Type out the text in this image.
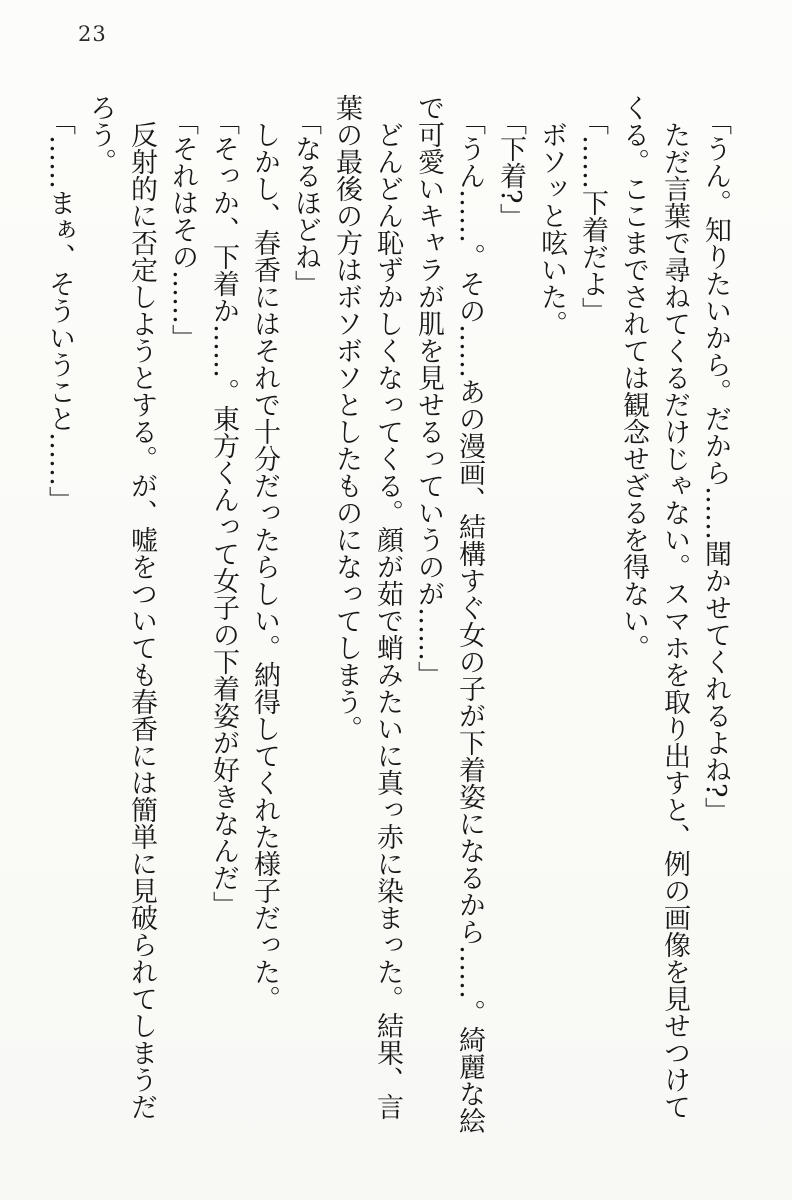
23
「うん。知りたいから。だから……聞かせてくれるよね?」
ただ言葉で尋ねてくるだけじゃない。スマホを取り出すと、例の画像を見せつけて
くる。ここまでされては観念せざるを得ない。
「……下着だよ」
ボソッと呟いた。
「下着?」
「うん……。その……あの漫画、結構すぐ女の子が下着姿になるから……。綺麗な絵
で可愛いキャラが肌を見せるっていうのが……」
どんどん恥ずかしくなってくる。顔が茹で蛸みたいに真っ赤に染まった。結果、言
葉の最後の方はボソボソとしたものになってしまう。
「なるほどね」
しかし、春香にはそれで十分だったらしい。納得してくれた様子だった。
「そっか、下着か……。東方くんって女子の下着姿が好きなんだ」
「それはその……」
反射的に否定しようとする。が、嘘をついても春香には簡単に見破られてしまうだ
ろう。
「……まぁ、そういうこと……」
